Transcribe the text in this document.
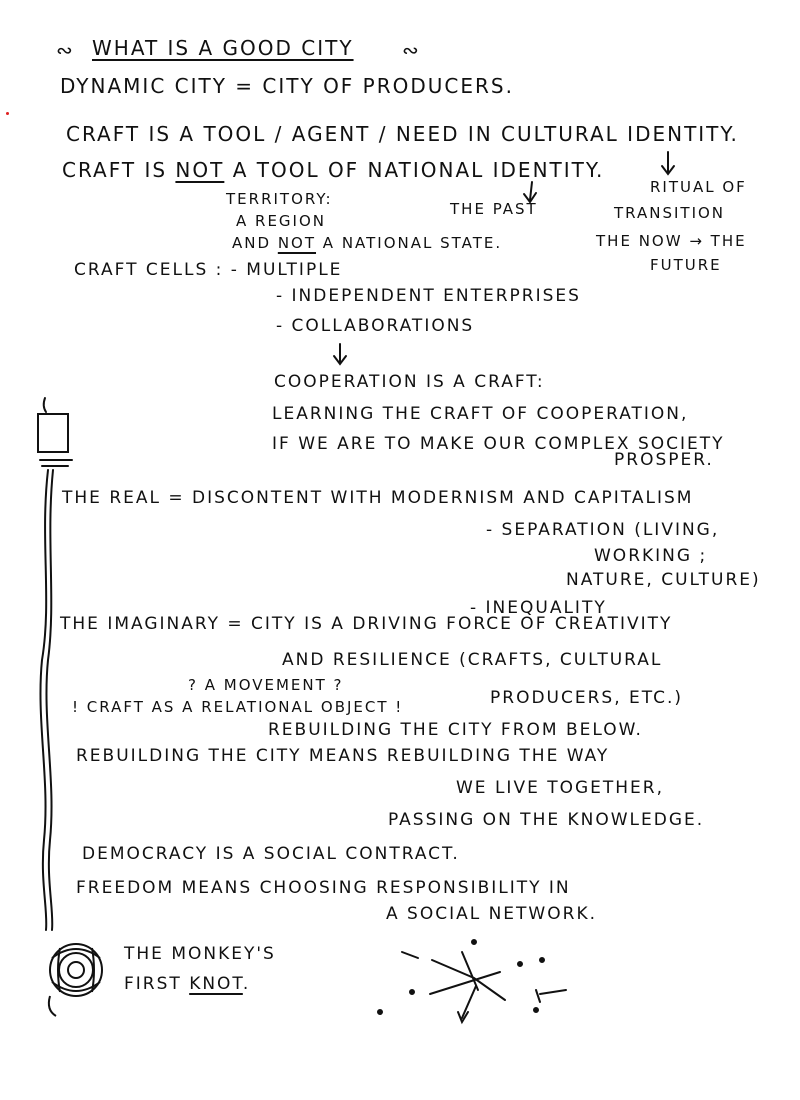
∾ WHAT IS A GOOD CITY ∾
DYNAMIC CITY = CITY OF PRODUCERS.
CRAFT IS A TOOL / AGENT / NEED IN CULTURAL IDENTITY.
CRAFT IS NOT A TOOL OF NATIONAL IDENTITY.
TERRITORY:
A REGION
AND NOT A NATIONAL STATE.
THE PAST
RITUAL OF
TRANSITION
THE NOW → THE
FUTURE
CRAFT CELLS : - MULTIPLE
- INDEPENDENT ENTERPRISES
- COLLABORATIONS
COOPERATION IS A CRAFT:
LEARNING THE CRAFT OF COOPERATION,
IF WE ARE TO MAKE OUR COMPLEX SOCIETY
PROSPER.
THE REAL = DISCONTENT WITH MODERNISM AND CAPITALISM
- SEPARATION (LIVING,
WORKING ;
NATURE, CULTURE)
- INEQUALITY
THE IMAGINARY = CITY IS A DRIVING FORCE OF CREATIVITY
AND RESILIENCE (CRAFTS, CULTURAL
? A MOVEMENT ?
! CRAFT AS A RELATIONAL OBJECT !	PRODUCERS, ETC.)
REBUILDING THE CITY FROM BELOW.
REBUILDING THE CITY MEANS REBUILDING THE WAY
WE LIVE TOGETHER,
PASSING ON THE KNOWLEDGE.
DEMOCRACY IS A SOCIAL CONTRACT.
FREEDOM MEANS CHOOSING RESPONSIBILITY IN
A SOCIAL NETWORK.
THE MONKEY'S
FIRST KNOT.
